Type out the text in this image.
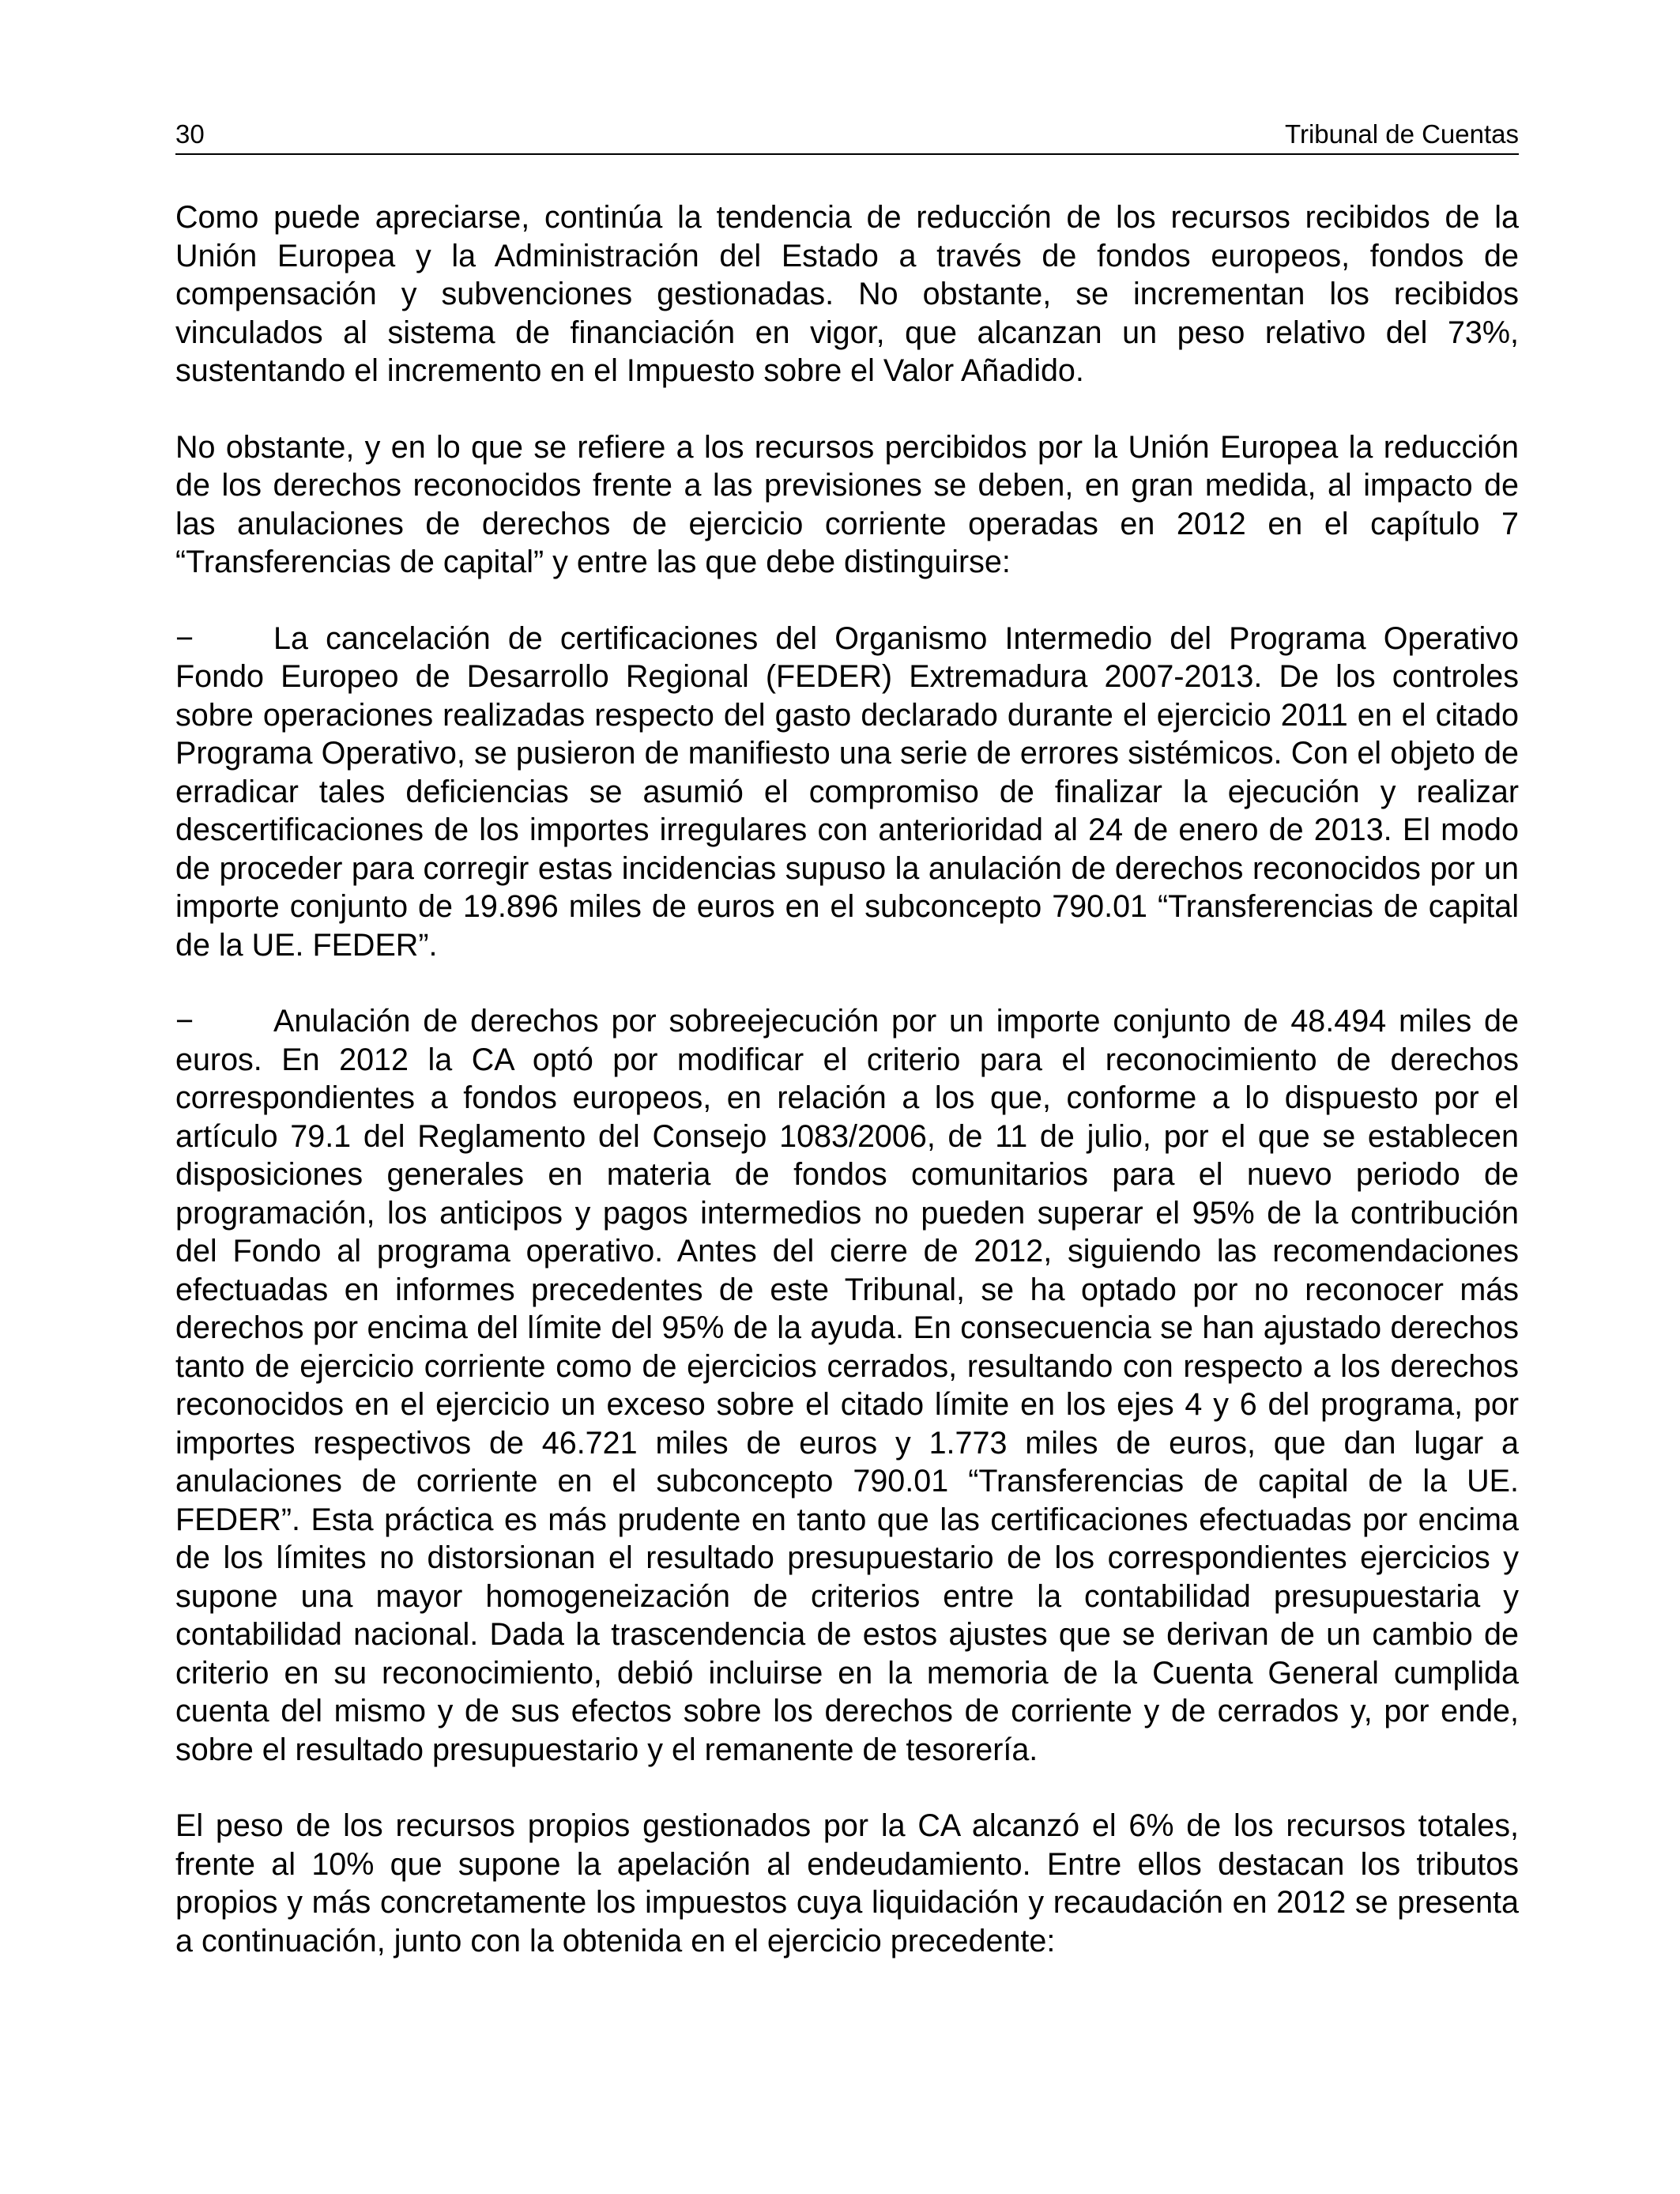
30	Tribunal de Cuentas

Como puede apreciarse, continúa la tendencia de reducción de los recursos recibidos de la Unión Europea y la Administración del Estado a través de fondos europeos, fondos de compensación y subvenciones gestionadas. No obstante, se incrementan los recibidos vinculados al sistema de financiación en vigor, que alcanzan un peso relativo del 73%, sustentando el incremento en el Impuesto sobre el Valor Añadido.

No obstante, y en lo que se refiere a los recursos percibidos por la Unión Europea la reducción de los derechos reconocidos frente a las previsiones se deben, en gran medida, al impacto de las anulaciones de derechos de ejercicio corriente operadas en 2012 en el capítulo 7 “Transferencias de capital” y entre las que debe distinguirse:

−	La cancelación de certificaciones del Organismo Intermedio del Programa Operativo Fondo Europeo de Desarrollo Regional (FEDER) Extremadura 2007-2013. De los controles sobre operaciones realizadas respecto del gasto declarado durante el ejercicio 2011 en el citado Programa Operativo, se pusieron de manifiesto una serie de errores sistémicos. Con el objeto de erradicar tales deficiencias se asumió el compromiso de finalizar la ejecución y realizar descertificaciones de los importes irregulares con anterioridad al 24 de enero de 2013. El modo de proceder para corregir estas incidencias supuso la anulación de derechos reconocidos por un importe conjunto de 19.896 miles de euros en el subconcepto 790.01 “Transferencias de capital de la UE. FEDER”.

−	Anulación de derechos por sobreejecución por un importe conjunto de 48.494 miles de euros. En 2012 la CA optó por modificar el criterio para el reconocimiento de derechos correspondientes a fondos europeos, en relación a los que, conforme a lo dispuesto por el artículo 79.1 del Reglamento del Consejo 1083/2006, de 11 de julio, por el que se establecen disposiciones generales en materia de fondos comunitarios para el nuevo periodo de programación, los anticipos y pagos intermedios no pueden superar el 95% de la contribución del Fondo al programa operativo. Antes del cierre de 2012, siguiendo las recomendaciones efectuadas en informes precedentes de este Tribunal, se ha optado por no reconocer más derechos por encima del límite del 95% de la ayuda. En consecuencia se han ajustado derechos tanto de ejercicio corriente como de ejercicios cerrados, resultando con respecto a los derechos reconocidos en el ejercicio un exceso sobre el citado límite en los ejes 4 y 6 del programa, por importes respectivos de 46.721 miles de euros y 1.773 miles de euros, que dan lugar a anulaciones de corriente en el subconcepto 790.01 “Transferencias de capital de la UE. FEDER”. Esta práctica es más prudente en tanto que las certificaciones efectuadas por encima de los límites no distorsionan el resultado presupuestario de los correspondientes ejercicios y supone una mayor homogeneización de criterios entre la contabilidad presupuestaria y contabilidad nacional. Dada la trascendencia de estos ajustes que se derivan de un cambio de criterio en su reconocimiento, debió incluirse en la memoria de la Cuenta General cumplida cuenta del mismo y de sus efectos sobre los derechos de corriente y de cerrados y, por ende, sobre el resultado presupuestario y el remanente de tesorería.

El peso de los recursos propios gestionados por la CA alcanzó el 6% de los recursos totales, frente al 10% que supone la apelación al endeudamiento. Entre ellos destacan los tributos propios y más concretamente los impuestos cuya liquidación y recaudación en 2012 se presenta a continuación, junto con la obtenida en el ejercicio precedente:
